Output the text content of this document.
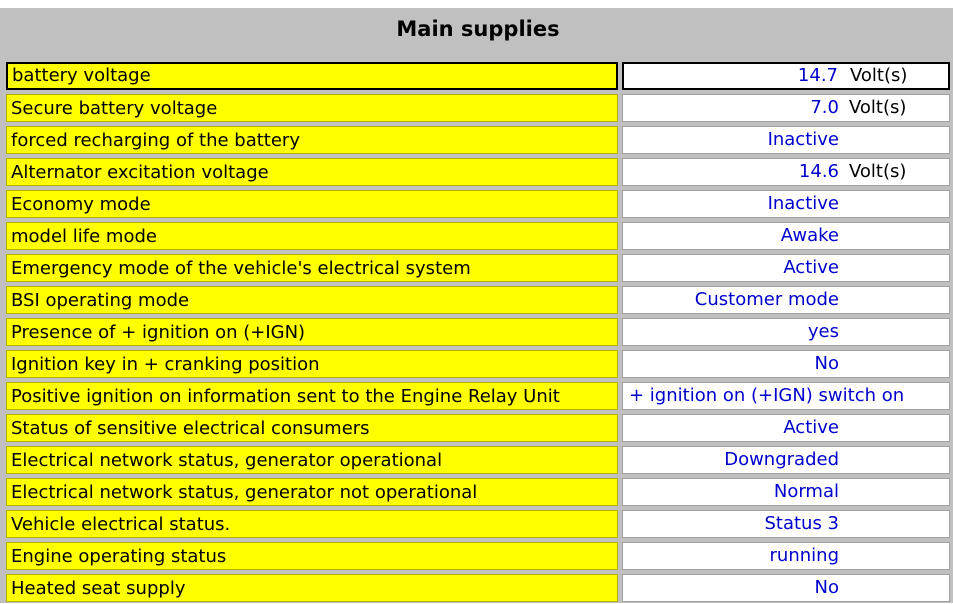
Main supplies
battery voltage	14.7 Volt(s)
Secure battery voltage	7.0 Volt(s)
forced recharging of the battery	Inactive
Alternator excitation voltage	14.6 Volt(s)
Economy mode	Inactive
model life mode	Awake
Emergency mode of the vehicle's electrical system	Active
BSI operating mode	Customer mode
Presence of + ignition on (+IGN)	yes
Ignition key in + cranking position	No
Positive ignition on information sent to the Engine Relay Unit	+ ignition on (+IGN) switch on
Status of sensitive electrical consumers	Active
Electrical network status, generator operational	Downgraded
Electrical network status, generator not operational	Normal
Vehicle electrical status.	Status 3
Engine operating status	running
Heated seat supply	No
